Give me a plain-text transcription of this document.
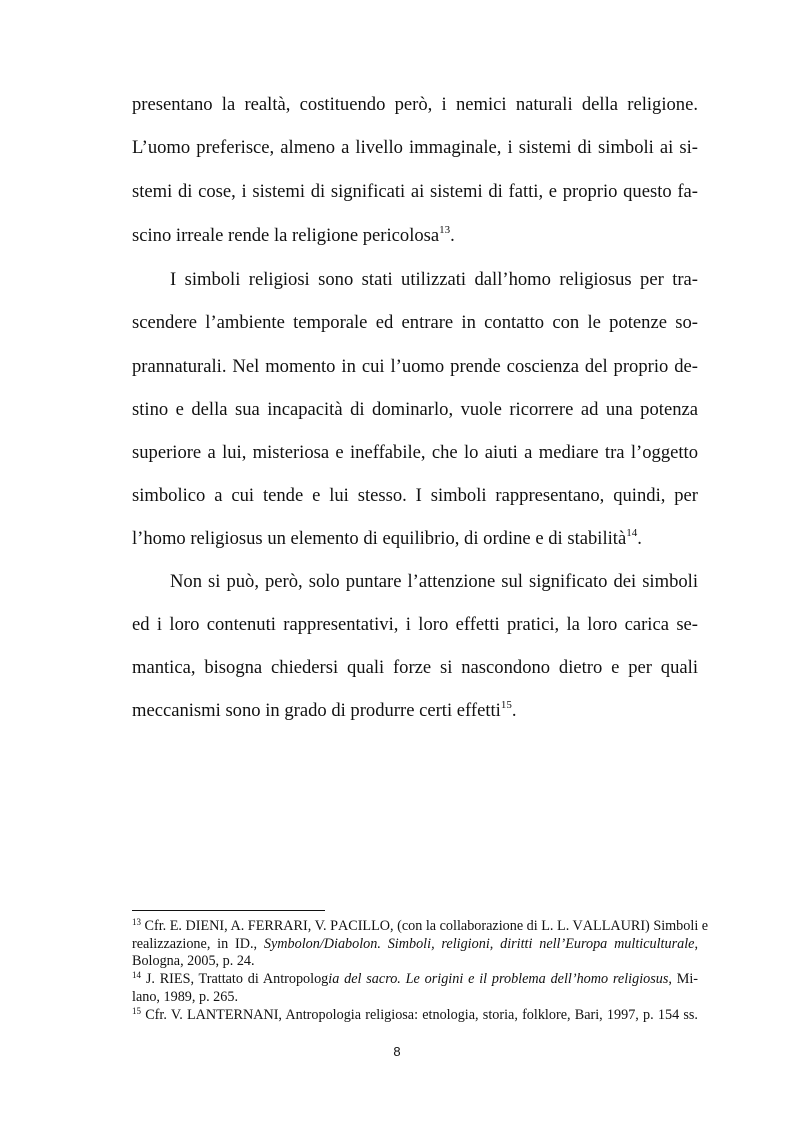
presentano la realtà, costituendo però, i nemici naturali della religione.
L’uomo preferisce, almeno a livello immaginale, i sistemi di simboli ai si-
stemi di cose, i sistemi di significati ai sistemi di fatti, e proprio questo fa-
scino irreale rende la religione pericolosa$^{13}$.
I simboli religiosi sono stati utilizzati dall’homo religiosus per tra-
scendere l’ambiente temporale ed entrare in contatto con le potenze so-
prannaturali. Nel momento in cui l’uomo prende coscienza del proprio de-
stino e della sua incapacità di dominarlo, vuole ricorrere ad una potenza
superiore a lui, misteriosa e ineffabile, che lo aiuti a mediare tra l’oggetto
simbolico a cui tende e lui stesso. I simboli rappresentano, quindi, per
l’homo religiosus un elemento di equilibrio, di ordine e di stabilità$^{14}$.
Non si può, però, solo puntare l’attenzione sul significato dei simboli
ed i loro contenuti rappresentativi, i loro effetti pratici, la loro carica se-
mantica, bisogna chiedersi quali forze si nascondono dietro e per quali
meccanismi sono in grado di produrre certi effetti$^{15}$.
$^{13}$ Cfr. E. DIENI, A. FERRARI, V. PACILLO, (con la collaborazione di L. L. VALLAURI) Simboli e
realizzazione, in ID., Symbolon/Diabolon. Simboli, religioni, diritti nell’Europa multiculturale,
Bologna, 2005, p. 24.
$^{14}$ J. RIES, Trattato di Antropologia del sacro. Le origini e il problema dell’homo religiosus, Mi-
lano, 1989, p. 265.
$^{15}$ Cfr. V. LANTERNANI, Antropologia religiosa: etnologia, storia, folklore, Bari, 1997, p. 154 ss.
8
